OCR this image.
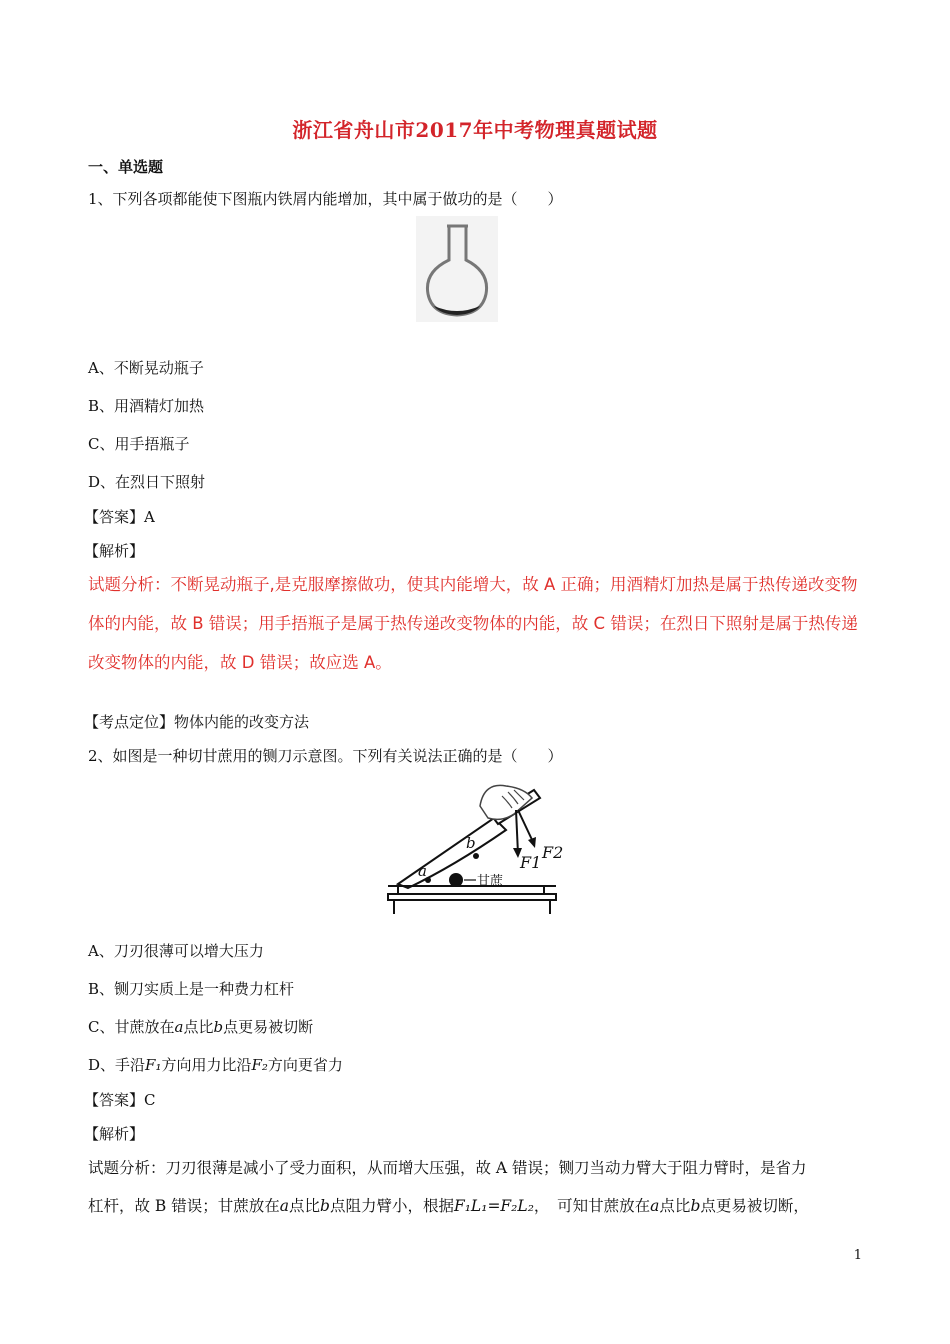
浙江省舟山市2017年中考物理真题试题
一、单选题
1、下列各项都能使下图瓶内铁屑内能增加，其中属于做功的是（　　）
A、不断晃动瓶子
B、用酒精灯加热
C、用手捂瓶子
D、在烈日下照射
【答案】A
【解析】
试题分析：不断晃动瓶子,是克服摩擦做功，使其内能增大，故 A 正确；用酒精灯加热是属于热传递改变物
体的内能，故 B 错误；用手捂瓶子是属于热传递改变物体的内能，故 C 错误；在烈日下照射是属于热传递
改变物体的内能，故 D 错误；故应选 A。
【考点定位】物体内能的改变方法
2、如图是一种切甘蔗用的铡刀示意图。下列有关说法正确的是（　　）
F1
F2
b
a
甘蔗
A、刀刃很薄可以增大压力
B、铡刀实质上是一种费力杠杆
C、甘蔗放在a点比b点更易被切断
D、手沿F₁方向用力比沿F₂方向更省力
【答案】C
【解析】
试题分析：刀刃很薄是减小了受力面积，从而增大压强，故 A 错误；铡刀当动力臂大于阻力臂时，是省力
杠杆，故 B 错误；甘蔗放在a点比b点阻力臂小，根据F₁L₁=F₂L₂，　可知甘蔗放在a点比b点更易被切断，
1
